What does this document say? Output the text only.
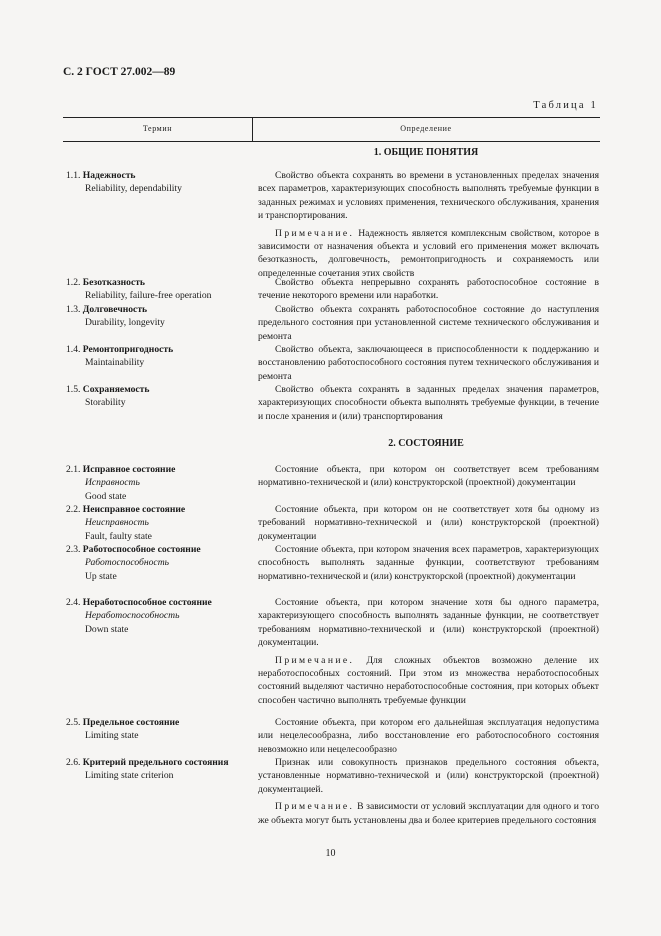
С. 2 ГОСТ 27.002—89
Таблица 1
Термин	Определение
1. ОБЩИЕ ПОНЯТИЯ
1.1. Надежность
Reliability, dependability

Свойство объекта сохранять во времени в установленных пределах значения всех параметров, характеризующих способность выполнять требуемые функции в заданных режимах и условиях применения, технического обслуживания, хранения и транспортирования.

Примечание. Надежность является комплексным свойством, которое в зависимости от назначения объекта и условий его применения может включать безотказность, долговечность, ремонтопригодность и сохраняемость или определенные сочетания этих свойств

1.2. Безотказность
Reliability, failure-free operation

Свойство объекта непрерывно сохранять работоспособное состояние в течение некоторого времени или наработки.

1.3. Долговечность
Durability, longevity

Свойство объекта сохранять работоспособное состояние до наступления предельного состояния при установленной системе технического обслуживания и ремонта

1.4. Ремонтопригодность
Maintainability

Свойство объекта, заключающееся в приспособленности к поддержанию и восстановлению работоспособного состояния путем технического обслуживания и ремонта

1.5. Сохраняемость
Storability

Свойство объекта сохранять в заданных пределах значения параметров, характеризующих способности объекта выполнять требуемые функции, в течение и после хранения и (или) транспортирования

2. СОСТОЯНИЕ
2.1. Исправное состояние
Исправность
Good state

Состояние объекта, при котором он соответствует всем требованиям нормативно-технической и (или) конструкторской (проектной) документации

2.2. Неисправное состояние
Неисправность
Fault, faulty state

Состояние объекта, при котором он не соответствует хотя бы одному из требований нормативно-технической и (или) конструкторской (проектной) документации

2.3. Работоспособное состояние
Работоспособность
Up state

Состояние объекта, при котором значения всех параметров, характеризующих способность выполнять заданные функции, соответствуют требованиям нормативно-технической и (или) конструкторской (проектной) документации

2.4. Неработоспособное состояние
Неработоспособность
Down state

Состояние объекта, при котором значение хотя бы одного параметра, характеризующего способность выполнять заданные функции, не соответствует требованиям нормативно-технической и (или) конструкторской (проектной) документации.

Примечание. Для сложных объектов возможно деление их неработоспособных состояний. При этом из множества неработоспособных состояний выделяют частично неработоспособные состояния, при которых объект способен частично выполнять требуемые функции

2.5. Предельное состояние
Limiting state

Состояние объекта, при котором его дальнейшая эксплуатация недопустима или нецелесообразна, либо восстановление его работоспособного состояния невозможно или нецелесообразно

2.6. Критерий предельного состояния
Limiting state criterion

Признак или совокупность признаков предельного состояния объекта, установленные нормативно-технической и (или) конструкторской (проектной) документацией.

Примечание. В зависимости от условий эксплуатации для одного и того же объекта могут быть установлены два и более критериев предельного состояния

10
